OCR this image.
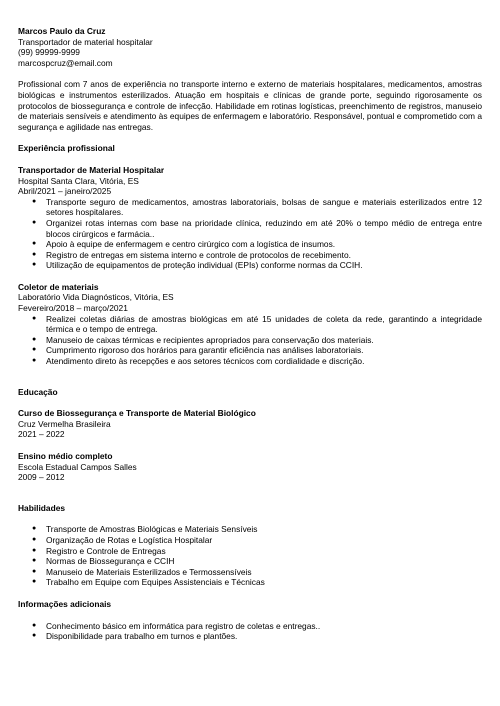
Marcos Paulo da Cruz
Transportador de material hospitalar
(99) 99999-9999
marcospcruz@email.com
Profissional com 7 anos de experiência no transporte interno e externo de materiais hospitalares, medicamentos, amostras biológicas e instrumentos esterilizados. Atuação em hospitais e clínicas de grande porte, seguindo rigorosamente os protocolos de biossegurança e controle de infecção. Habilidade em rotinas logísticas, preenchimento de registros, manuseio de materiais sensíveis e atendimento às equipes de enfermagem e laboratório. Responsável, pontual e comprometido com a segurança e agilidade nas entregas.
Experiência profissional
Transportador de Material Hospitalar
Hospital Santa Clara, Vitória, ES
Abril/2021 – janeiro/2025
● Transporte seguro de medicamentos, amostras laboratoriais, bolsas de sangue e materiais esterilizados entre 12 setores hospitalares.
● Organizei rotas internas com base na prioridade clínica, reduzindo em até 20% o tempo médio de entrega entre blocos cirúrgicos e farmácia..
● Apoio à equipe de enfermagem e centro cirúrgico com a logística de insumos.
● Registro de entregas em sistema interno e controle de protocolos de recebimento.
● Utilização de equipamentos de proteção individual (EPIs) conforme normas da CCIH.
Coletor de materiais
Laboratório Vida Diagnósticos, Vitória, ES
Fevereiro/2018 – março/2021
● Realizei coletas diárias de amostras biológicas em até 15 unidades de coleta da rede, garantindo a integridade térmica e o tempo de entrega.
● Manuseio de caixas térmicas e recipientes apropriados para conservação dos materiais.
● Cumprimento rigoroso dos horários para garantir eficiência nas análises laboratoriais.
● Atendimento direto às recepções e aos setores técnicos com cordialidade e discrição.
Educação
Curso de Biossegurança e Transporte de Material Biológico
Cruz Vermelha Brasileira
2021 – 2022
Ensino médio completo
Escola Estadual Campos Salles
2009 – 2012
Habilidades
● Transporte de Amostras Biológicas e Materiais Sensíveis
● Organização de Rotas e Logística Hospitalar
● Registro e Controle de Entregas
● Normas de Biossegurança e CCIH
● Manuseio de Materiais Esterilizados e Termossensíveis
● Trabalho em Equipe com Equipes Assistenciais e Técnicas
Informações adicionais
● Conhecimento básico em informática para registro de coletas e entregas..
● Disponibilidade para trabalho em turnos e plantões.
